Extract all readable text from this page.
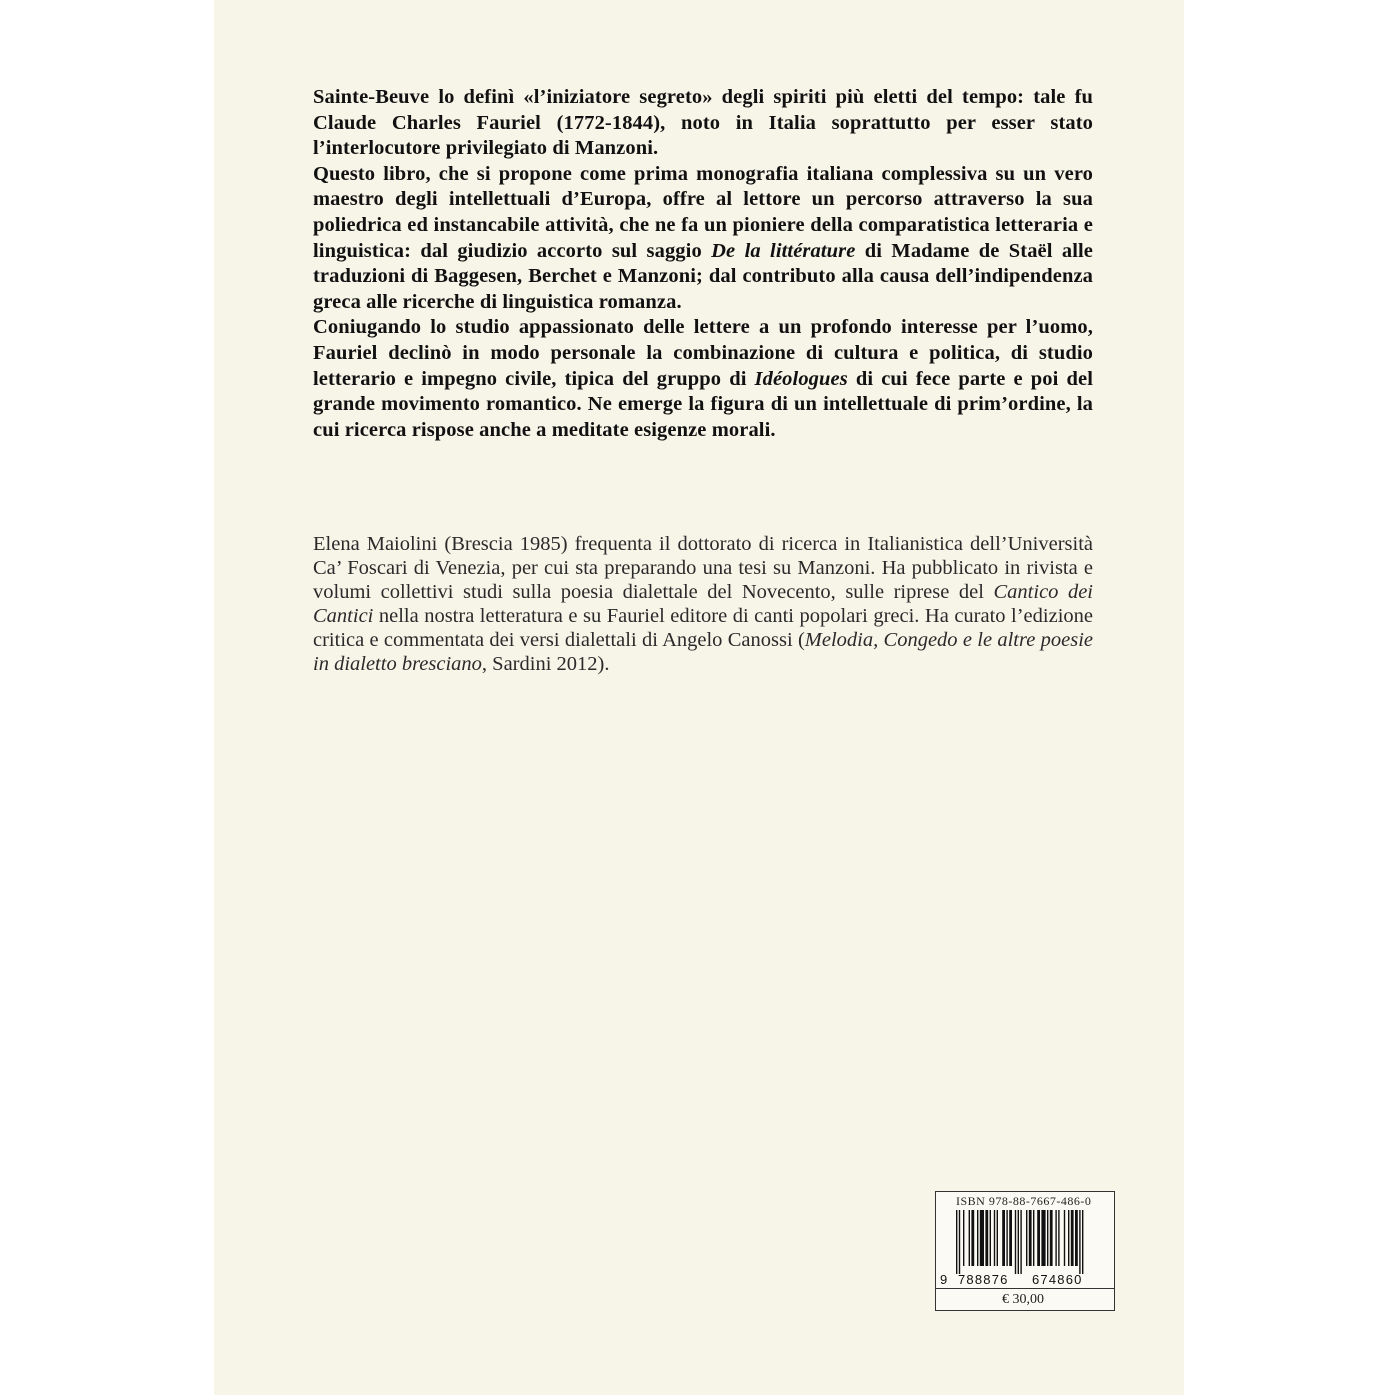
Sainte-Beuve lo definì «l’iniziatore segreto» degli spiriti più eletti del tempo: tale fu Claude Charles Fauriel (1772-1844), noto in Italia soprattutto per esser stato l’interlocutore privilegiato di Manzoni.

Questo libro, che si propone come prima monografia italiana complessiva su un vero maestro degli intellettuali d’Europa, offre al lettore un percorso attraverso la sua poliedrica ed instancabile attività, che ne fa un pioniere della comparatistica letteraria e linguistica: dal giudizio accorto sul saggio De la littérature di Madame de Staël alle traduzioni di Baggesen, Berchet e Manzoni; dal contributo alla causa dell’indipendenza greca alle ricerche di linguistica romanza.

Coniugando lo studio appassionato delle lettere a un profondo interesse per l’uomo, Fauriel declinò in modo personale la combinazione di cultura e politica, di studio letterario e impegno civile, tipica del gruppo di Idéologues di cui fece parte e poi del grande movimento romantico. Ne emerge la figura di un intellettuale di prim’ordine, la cui ricerca rispose anche a meditate esigenze morali.

Elena Maiolini (Brescia 1985) frequenta il dottorato di ricerca in Italianistica dell’Università Ca’ Foscari di Venezia, per cui sta preparando una tesi su Manzoni. Ha pubblicato in rivista e volumi collettivi studi sulla poesia dialettale del Novecento, sulle riprese del Cantico dei Cantici nella nostra letteratura e su Fauriel editore di canti popolari greci. Ha curato l’edizione critica e commentata dei versi dialettali di Angelo Canossi (Melodia, Congedo e le altre poesie in dialetto bresciano, Sardini 2012).

ISBN 978-88-7667-486-0
9 788876 674860
€ 30,00
